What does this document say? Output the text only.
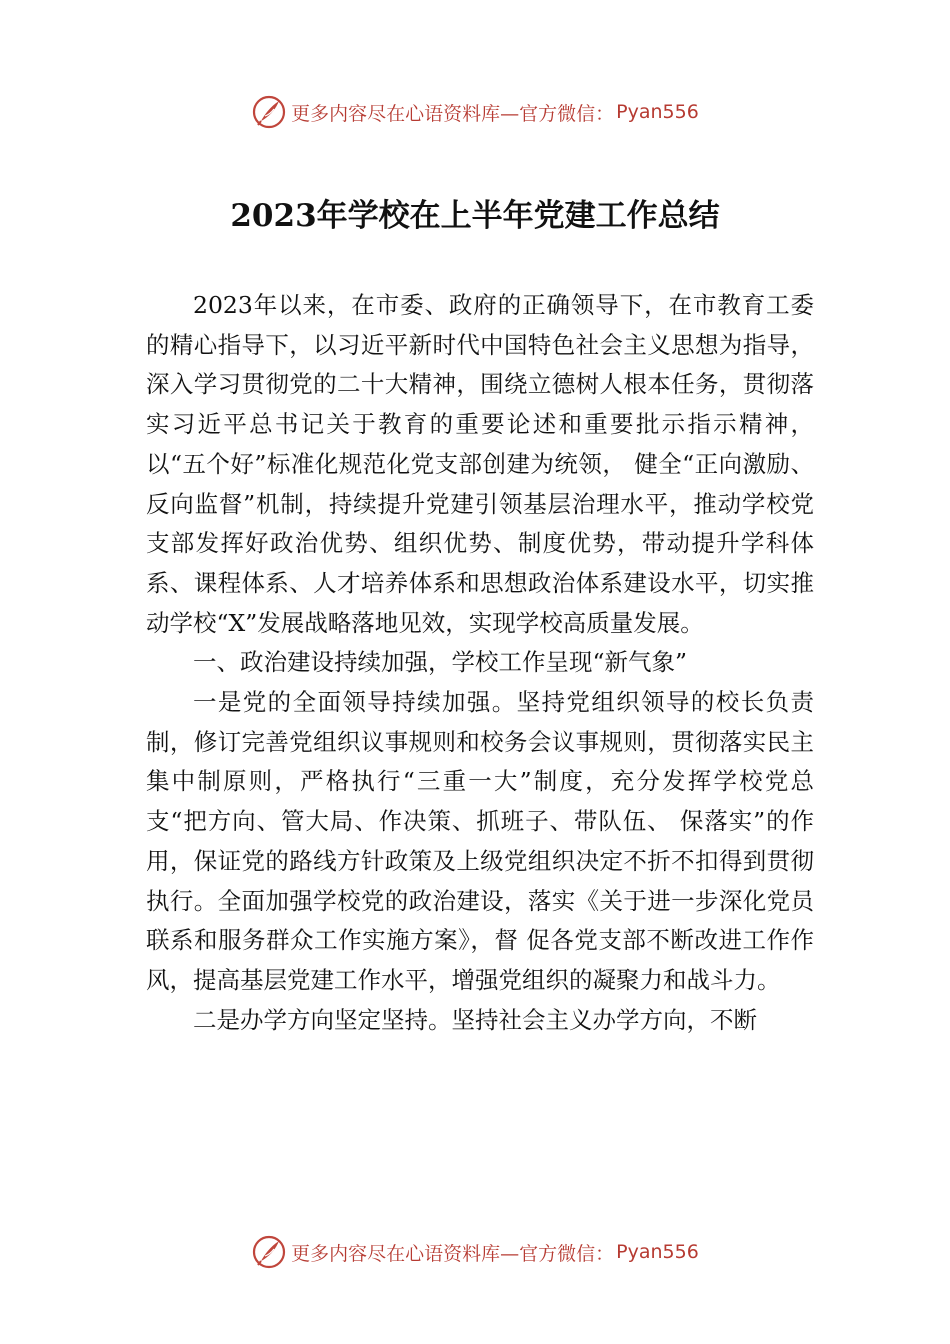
更多内容尽在心语资料库—官方微信： Pyan556
2023年学校在上半年党建工作总结

2023年以来，在市委、政府的正确领导下，在市教育工委的精心指导下，以习近平新时代中国特色社会主义思想为指导，深入学习贯彻党的二十大精神，围绕立德树人根本任务，贯彻落实习近平总书记关于教育的重要论述和重要批示指示精神，以“五个好”标准化规范化党支部创建为统领， 健全“正向激励、反向监督”机制，持续提升党建引领基层治理水平，推动学校党支部发挥好政治优势、组织优势、制度优势，带动提升学科体系、课程体系、人才培养体系和思想政治体系建设水平，切实推动学校“X”发展战略落地见效，实现学校高质量发展。

一、政治建设持续加强，学校工作呈现“新气象”

一是党的全面领导持续加强。坚持党组织领导的校长负责制，修订完善党组织议事规则和校务会议事规则，贯彻落实民主集中制原则，严格执行“三重一大”制度，充分发挥学校党总支“把方向、管大局、作决策、抓班子、带队伍、 保落实”的作用，保证党的路线方针政策及上级党组织决定不折不扣得到贯彻执行。全面加强学校党的政治建设，落实《关于进一步深化党员联系和服务群众工作实施方案》，督 促各党支部不断改进工作作风，提高基层党建工作水平，增强党组织的凝聚力和战斗力。

二是办学方向坚定坚持。坚持社会主义办学方向，不断

更多内容尽在心语资料库—官方微信： Pyan556
